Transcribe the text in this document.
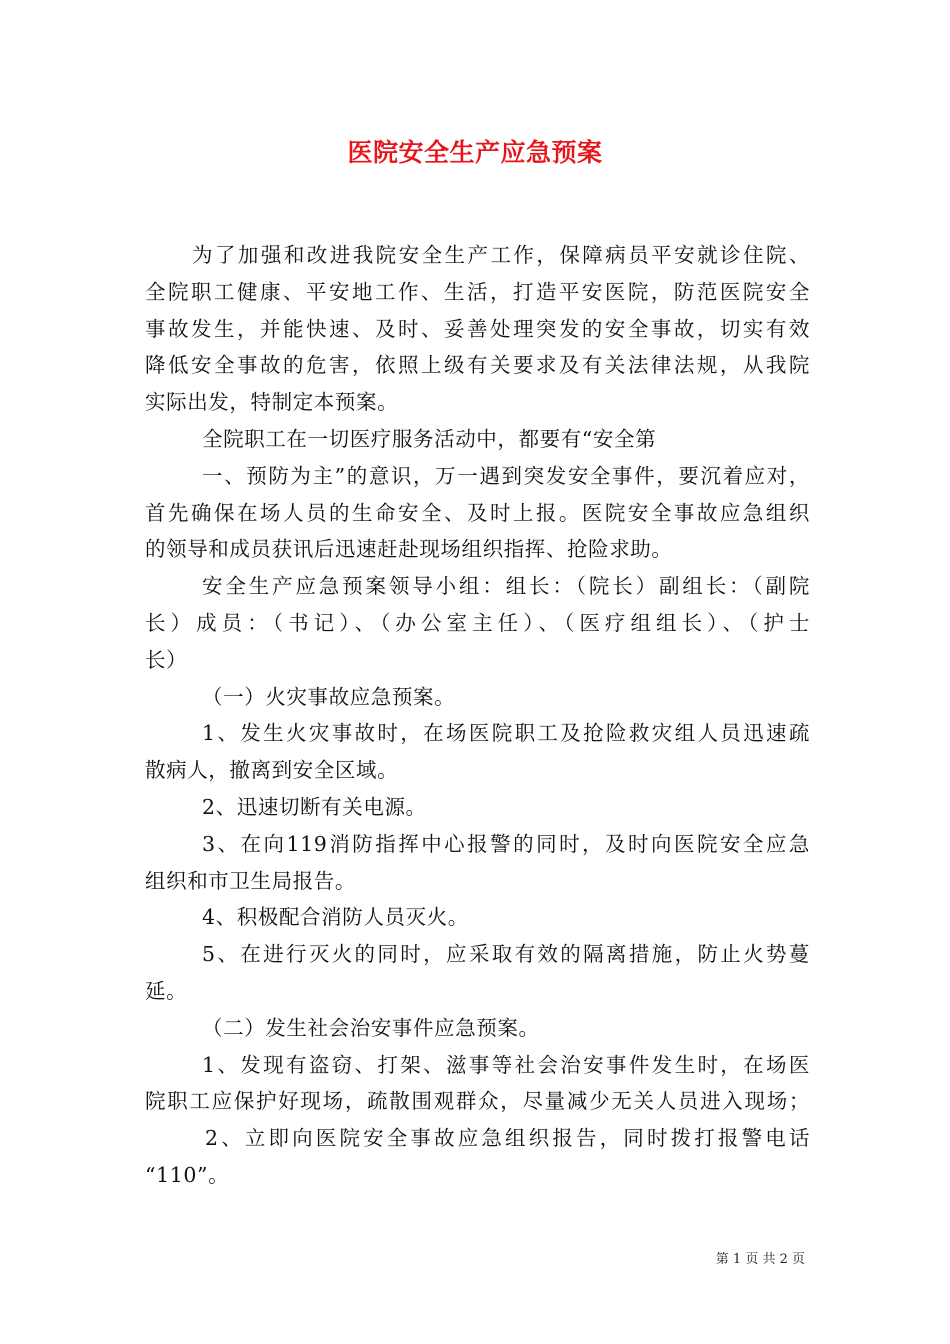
医院安全生产应急预案
为了加强和改进我院安全生产工作，保障病员平安就诊住院、
全院职工健康、平安地工作、生活，打造平安医院，防范医院安全
事故发生，并能快速、及时、妥善处理突发的安全事故，切实有效
降低安全事故的危害，依照上级有关要求及有关法律法规，从我院
实际出发，特制定本预案。
全院职工在一切医疗服务活动中，都要有“安全第
一、预防为主”的意识，万一遇到突发安全事件，要沉着应对，
首先确保在场人员的生命安全、及时上报。医院安全事故应急组织
的领导和成员获讯后迅速赶赴现场组织指挥、抢险求助。
安全生产应急预案领导小组：组长：（院长）副组长：（副院
长）成员：（书记）、（办公室主任）、（医疗组组长）、（护士
长）
（一）火灾事故应急预案。
1、发生火灾事故时，在场医院职工及抢险救灾组人员迅速疏
散病人，撤离到安全区域。
2、迅速切断有关电源。
3、在向119消防指挥中心报警的同时，及时向医院安全应急
组织和市卫生局报告。
4、积极配合消防人员灭火。
5、在进行灭火的同时，应采取有效的隔离措施，防止火势蔓
延。
（二）发生社会治安事件应急预案。
1、发现有盗窃、打架、滋事等社会治安事件发生时，在场医
院职工应保护好现场，疏散围观群众，尽量减少无关人员进入现场；
2、立即向医院安全事故应急组织报告，同时拨打报警电话
“110”。
第 1 页 共 2 页
